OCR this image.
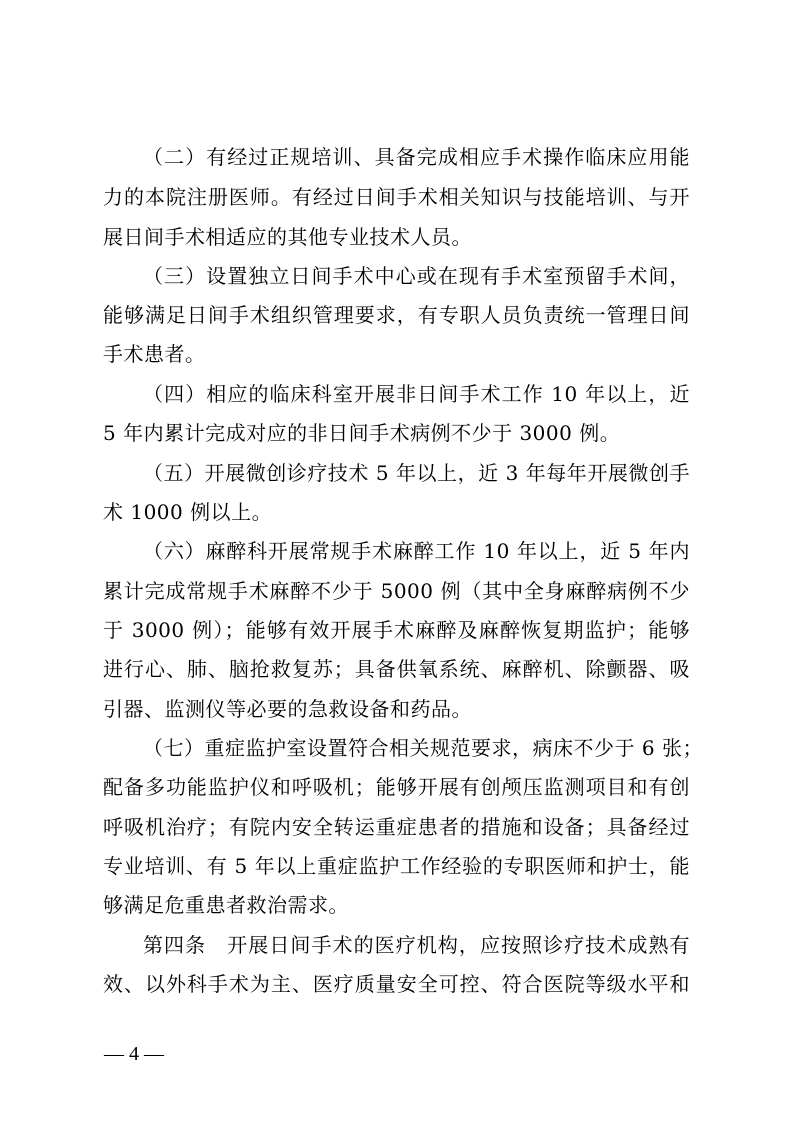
（二）有经过正规培训、具备完成相应手术操作临床应用能
力的本院注册医师。有经过日间手术相关知识与技能培训、与开
展日间手术相适应的其他专业技术人员。
（三）设置独立日间手术中心或在现有手术室预留手术间，
能够满足日间手术组织管理要求，有专职人员负责统一管理日间
手术患者。
（四）相应的临床科室开展非日间手术工作 10 年以上，近
5 年内累计完成对应的非日间手术病例不少于 3000 例。
（五）开展微创诊疗技术 5 年以上，近 3 年每年开展微创手
术 1000 例以上。
（六）麻醉科开展常规手术麻醉工作 10 年以上，近 5 年内
累计完成常规手术麻醉不少于 5000 例（其中全身麻醉病例不少
于 3000 例）；能够有效开展手术麻醉及麻醉恢复期监护；能够
进行心、肺、脑抢救复苏；具备供氧系统、麻醉机、除颤器、吸
引器、监测仪等必要的急救设备和药品。
（七）重症监护室设置符合相关规范要求，病床不少于 6 张；
配备多功能监护仪和呼吸机；能够开展有创颅压监测项目和有创
呼吸机治疗；有院内安全转运重症患者的措施和设备；具备经过
专业培训、有 5 年以上重症监护工作经验的专职医师和护士，能
够满足危重患者救治需求。
第四条　开展日间手术的医疗机构，应按照诊疗技术成熟有
效、以外科手术为主、医疗质量安全可控、符合医院等级水平和
— 4 —
